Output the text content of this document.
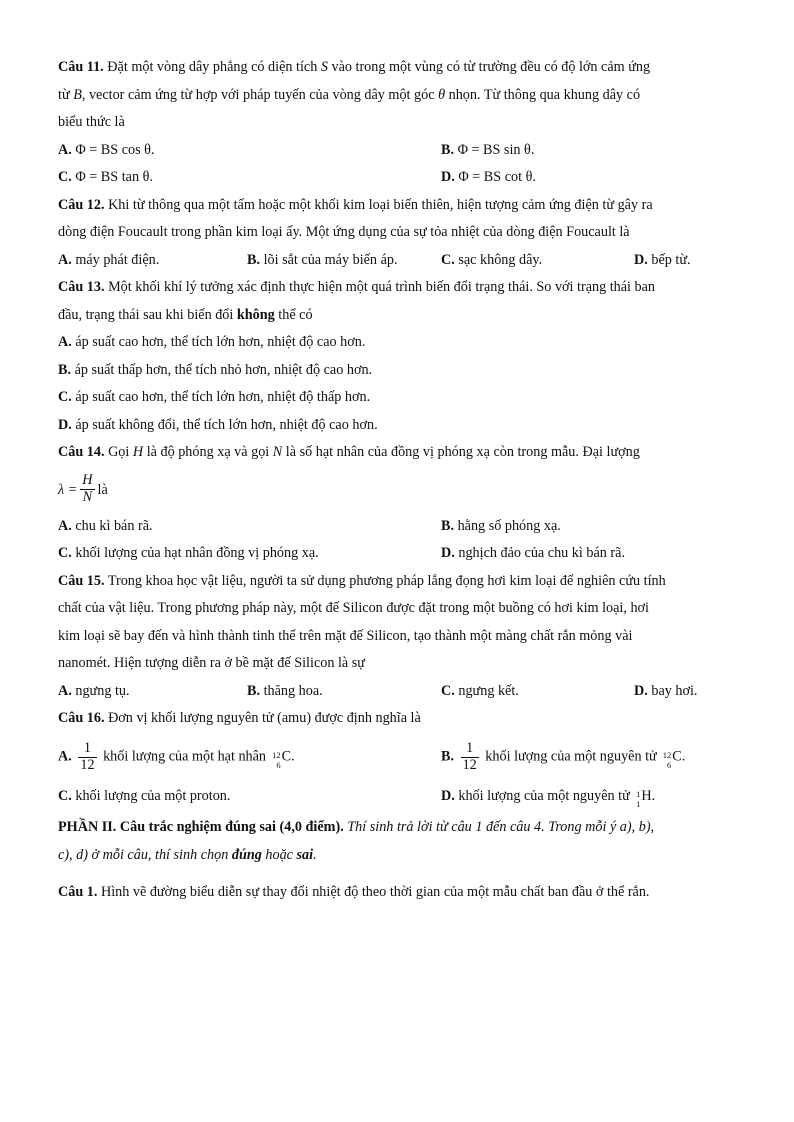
Câu 11. Đặt một vòng dây phẳng có diện tích S vào trong một vùng có từ trường đều có độ lớn cảm ứng

từ B, vector cảm ứng từ hợp với pháp tuyến của vòng dây một góc θ nhọn. Từ thông qua khung dây có

biểu thức là

A. Φ = BS cos θ.	B. Φ = BS sin θ.
C. Φ = BS tan θ.	D. Φ = BS cot θ.

Câu 12. Khi từ thông qua một tấm hoặc một khối kim loại biến thiên, hiện tượng cảm ứng điện từ gây ra

dòng điện Foucault trong phần kim loại ấy. Một ứng dụng của sự tỏa nhiệt của dòng điện Foucault là

A. máy phát điện.	B. lõi sắt của máy biến áp.	C. sạc không dây.	D. bếp từ.

Câu 13. Một khối khí lý tưởng xác định thực hiện một quá trình biến đổi trạng thái. So với trạng thái ban

đầu, trạng thái sau khi biến đổi không thể có

A. áp suất cao hơn, thể tích lớn hơn, nhiệt độ cao hơn.

B. áp suất thấp hơn, thể tích nhỏ hơn, nhiệt độ cao hơn.

C. áp suất cao hơn, thể tích lớn hơn, nhiệt độ thấp hơn.

D. áp suất không đổi, thể tích lớn hơn, nhiệt độ cao hơn.

Câu 14. Gọi H là độ phóng xạ và gọi N là số hạt nhân của đồng vị phóng xạ còn trong mẫu. Đại lượng

$\lambda = \frac{H}{N}$ là
A. chu kì bán rã.	B. hằng số phóng xạ.
C. khối lượng của hạt nhân đồng vị phóng xạ.	D. nghịch đảo của chu kì bán rã.

Câu 15. Trong khoa học vật liệu, người ta sử dụng phương pháp lắng đọng hơi kim loại để nghiên cứu tính

chất của vật liệu. Trong phương pháp này, một đế Silicon được đặt trong một buồng có hơi kim loại, hơi

kim loại sẽ bay đến và hình thành tinh thể trên mặt đế Silicon, tạo thành một màng chất rắn mỏng vài

nanomét. Hiện tượng diễn ra ở bề mặt đế Silicon là sự

A. ngưng tụ.	B. thăng hoa.	C. ngưng kết.	D. bay hơi.

Câu 16. Đơn vị khối lượng nguyên tử (amu) được định nghĩa là

A. $\frac{1}{12}$ khối lượng của một hạt nhân 12
6 C.	B. $\frac{1}{12}$ khối lượng của một nguyên tử 12
6 C.
C. khối lượng của một proton.	D. khối lượng của một nguyên tử 1
1 H.

PHẦN II. Câu trắc nghiệm đúng sai (4,0 điểm). Thí sinh trả lời từ câu 1 đến câu 4. Trong mỗi ý a), b),

c), d) ở mỗi câu, thí sinh chọn đúng hoặc sai.

Câu 1. Hình vẽ đường biểu diễn sự thay đổi nhiệt độ theo thời gian của một mẫu chất ban đầu ở thể rắn.
